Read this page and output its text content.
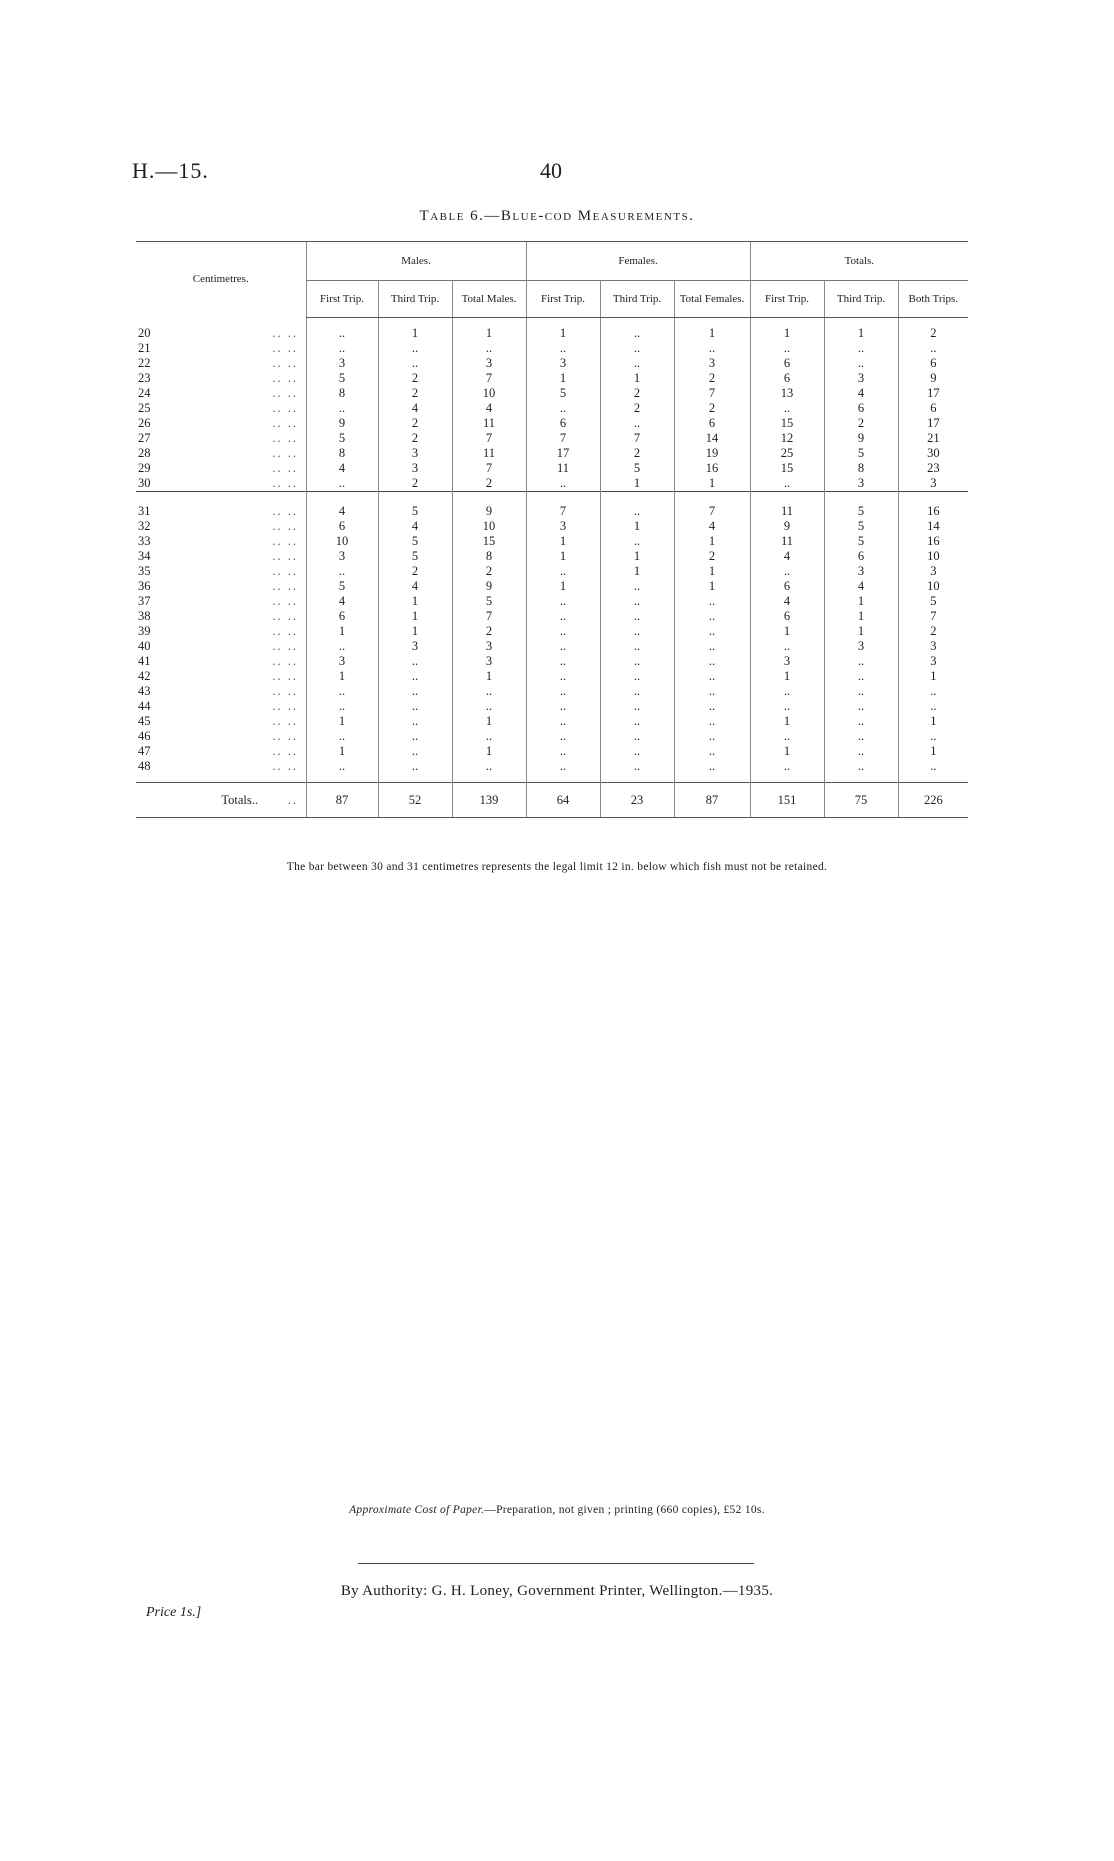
H.—15.	40
Table 6.—Blue-cod Measurements.
Centimetres.	Males.			Females.			Totals.		
	First Trip.	Third Trip.	Total Males.	First Trip.	Third Trip.	Total Females.	First Trip.	Third Trip.	Both Trips.

20 .. ..	..	1	1	1	..	1	1	1	2
21 .. ..	..	..	..	..	..	..	..	..	..
22 .. ..	3	..	3	3	..	3	6	..	6
23 .. ..	5	2	7	1	1	2	6	3	9
24 .. ..	8	2	10	5	2	7	13	4	17
25 .. ..	..	4	4	..	2	2	..	6	6
26 .. ..	9	2	11	6	..	6	15	2	17
27 .. ..	5	2	7	7	7	14	12	9	21
28 .. ..	8	3	11	17	2	19	25	5	30
29 .. ..	4	3	7	11	5	16	15	8	23
30 .. ..	..	2	2	..	1	1	..	3	3

31 .. ..	4	5	9	7	..	7	11	5	16
32 .. ..	6	4	10	3	1	4	9	5	14
33 .. ..	10	5	15	1	..	1	11	5	16
34 .. ..	3	5	8	1	1	2	4	6	10
35 .. ..	..	2	2	..	1	1	..	3	3
36 .. ..	5	4	9	1	..	1	6	4	10
37 .. ..	4	1	5	..	..	..	4	1	5
38 .. ..	6	1	7	..	..	..	6	1	7
39 .. ..	1	1	2	..	..	..	1	1	2
40 .. ..	..	3	3	..	..	..	..	3	3
41 .. ..	3	..	3	..	..	..	3	..	3
42 .. ..	1	..	1	..	..	..	1	..	1
43 .. ..	..	..	..	..	..	..	..	..	..
44 .. ..	..	..	..	..	..	..	..	..	..
45 .. ..	1	..	1	..	..	..	1	..	1
46 .. ..	..	..	..	..	..	..	..	..	..
47 .. ..	1	..	1	..	..	..	1	..	1
48 .. ..	..	..	..	..	..	..	..	..	..

Totals.. ..	87	52	139	64	23	87	151	75	226
The bar between 30 and 31 centimetres represents the legal limit 12 in. below which fish must not be retained.
Approximate Cost of Paper.—Preparation, not given ; printing (660 copies), £52 10s.
By Authority: G. H. Loney, Government Printer, Wellington.—1935.
Price 1s.]
